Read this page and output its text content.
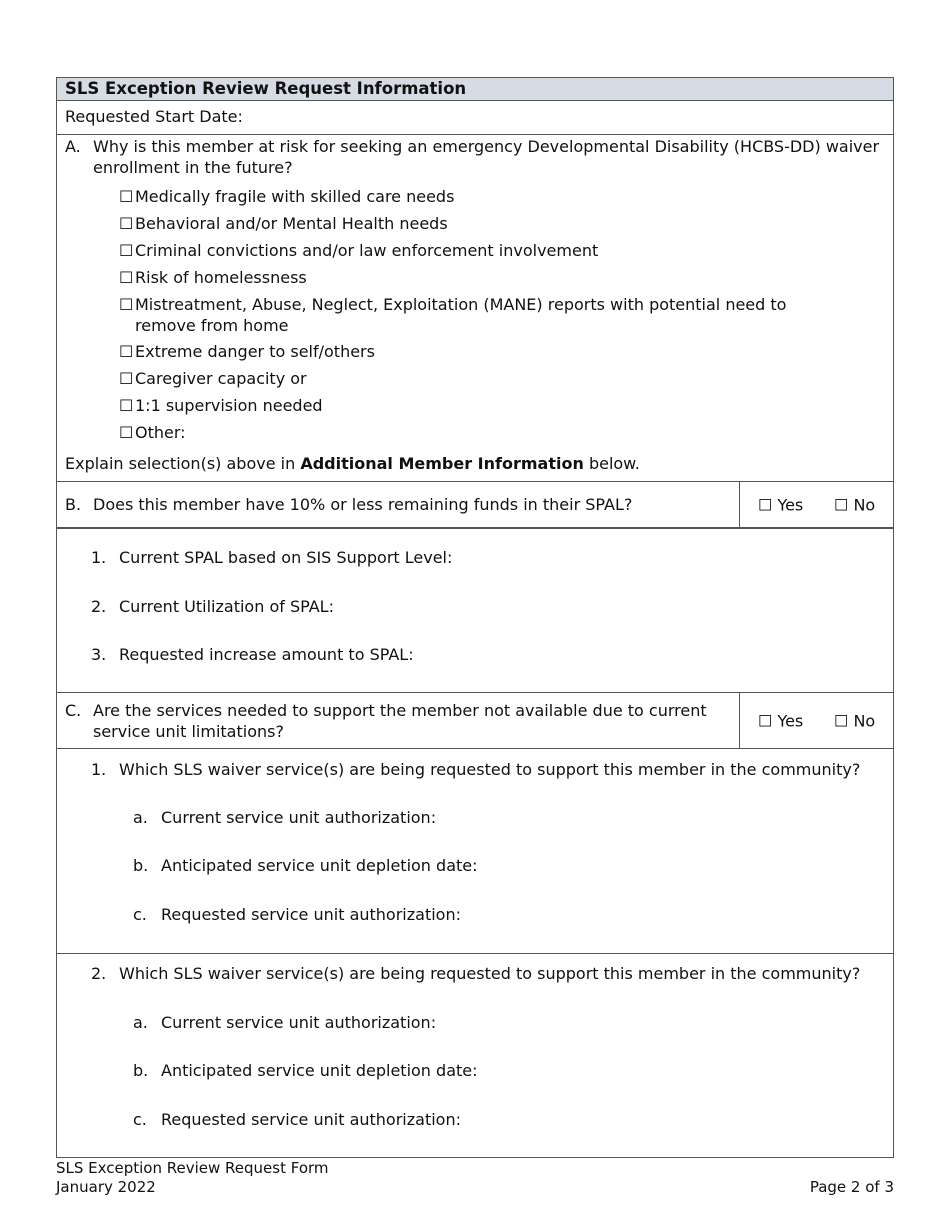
SLS Exception Review Request Information
Requested Start Date:
A. Why is this member at risk for seeking an emergency Developmental Disability (HCBS-DD) waiver enrollment in the future?
☐ Medically fragile with skilled care needs
☐ Behavioral and/or Mental Health needs
☐ Criminal convictions and/or law enforcement involvement
☐ Risk of homelessness
☐ Mistreatment, Abuse, Neglect, Exploitation (MANE) reports with potential need to remove from home
☐ Extreme danger to self/others
☐ Caregiver capacity or
☐ 1:1 supervision needed
☐ Other:
Explain selection(s) above in Additional Member Information below.
B. Does this member have 10% or less remaining funds in their SPAL?	☐ Yes ☐ No
1. Current SPAL based on SIS Support Level:
2. Current Utilization of SPAL:
3. Requested increase amount to SPAL:
C. Are the services needed to support the member not available due to current service unit limitations?
☐ Yes ☐ No
1. Which SLS waiver service(s) are being requested to support this member in the community?
a. Current service unit authorization:
b. Anticipated service unit depletion date:
c. Requested service unit authorization:
2. Which SLS waiver service(s) are being requested to support this member in the community?
a. Current service unit authorization:
b. Anticipated service unit depletion date:
c. Requested service unit authorization:
SLS Exception Review Request Form
January 2022	Page 2 of 3
